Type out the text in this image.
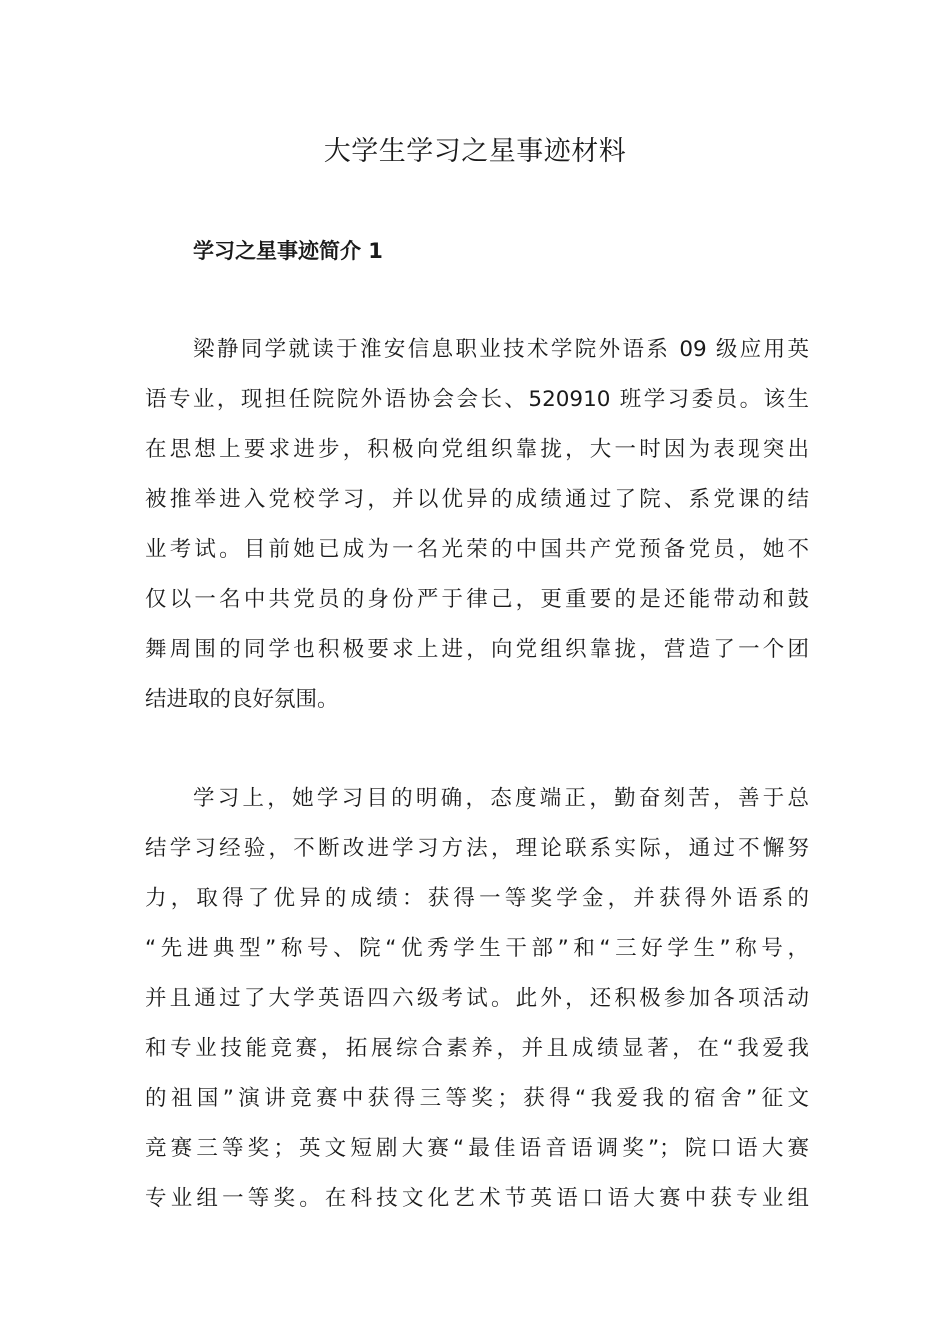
大学生学习之星事迹材料
学习之星事迹简介 1
梁静同学就读于淮安信息职业技术学院外语系 09 级应用英
语专业，现担任院院外语协会会长、520910 班学习委员。该生
在思想上要求进步，积极向党组织靠拢，大一时因为表现突出
被推举进入党校学习，并以优异的成绩通过了院、系党课的结
业考试。目前她已成为一名光荣的中国共产党预备党员，她不
仅以一名中共党员的身份严于律己，更重要的是还能带动和鼓
舞周围的同学也积极要求上进，向党组织靠拢，营造了一个团
结进取的良好氛围。
学习上，她学习目的明确，态度端正，勤奋刻苦，善于总
结学习经验，不断改进学习方法，理论联系实际，通过不懈努
力，取得了优异的成绩：获得一等奖学金，并获得外语系的
“先进典型”称号、院“优秀学生干部”和“三好学生”称号，
并且通过了大学英语四六级考试。此外，还积极参加各项活动
和专业技能竞赛，拓展综合素养，并且成绩显著，在“我爱我
的祖国”演讲竞赛中获得三等奖；获得“我爱我的宿舍”征文
竞赛三等奖；英文短剧大赛“最佳语音语调奖”；院口语大赛
专业组一等奖。在科技文化艺术节英语口语大赛中获专业组
